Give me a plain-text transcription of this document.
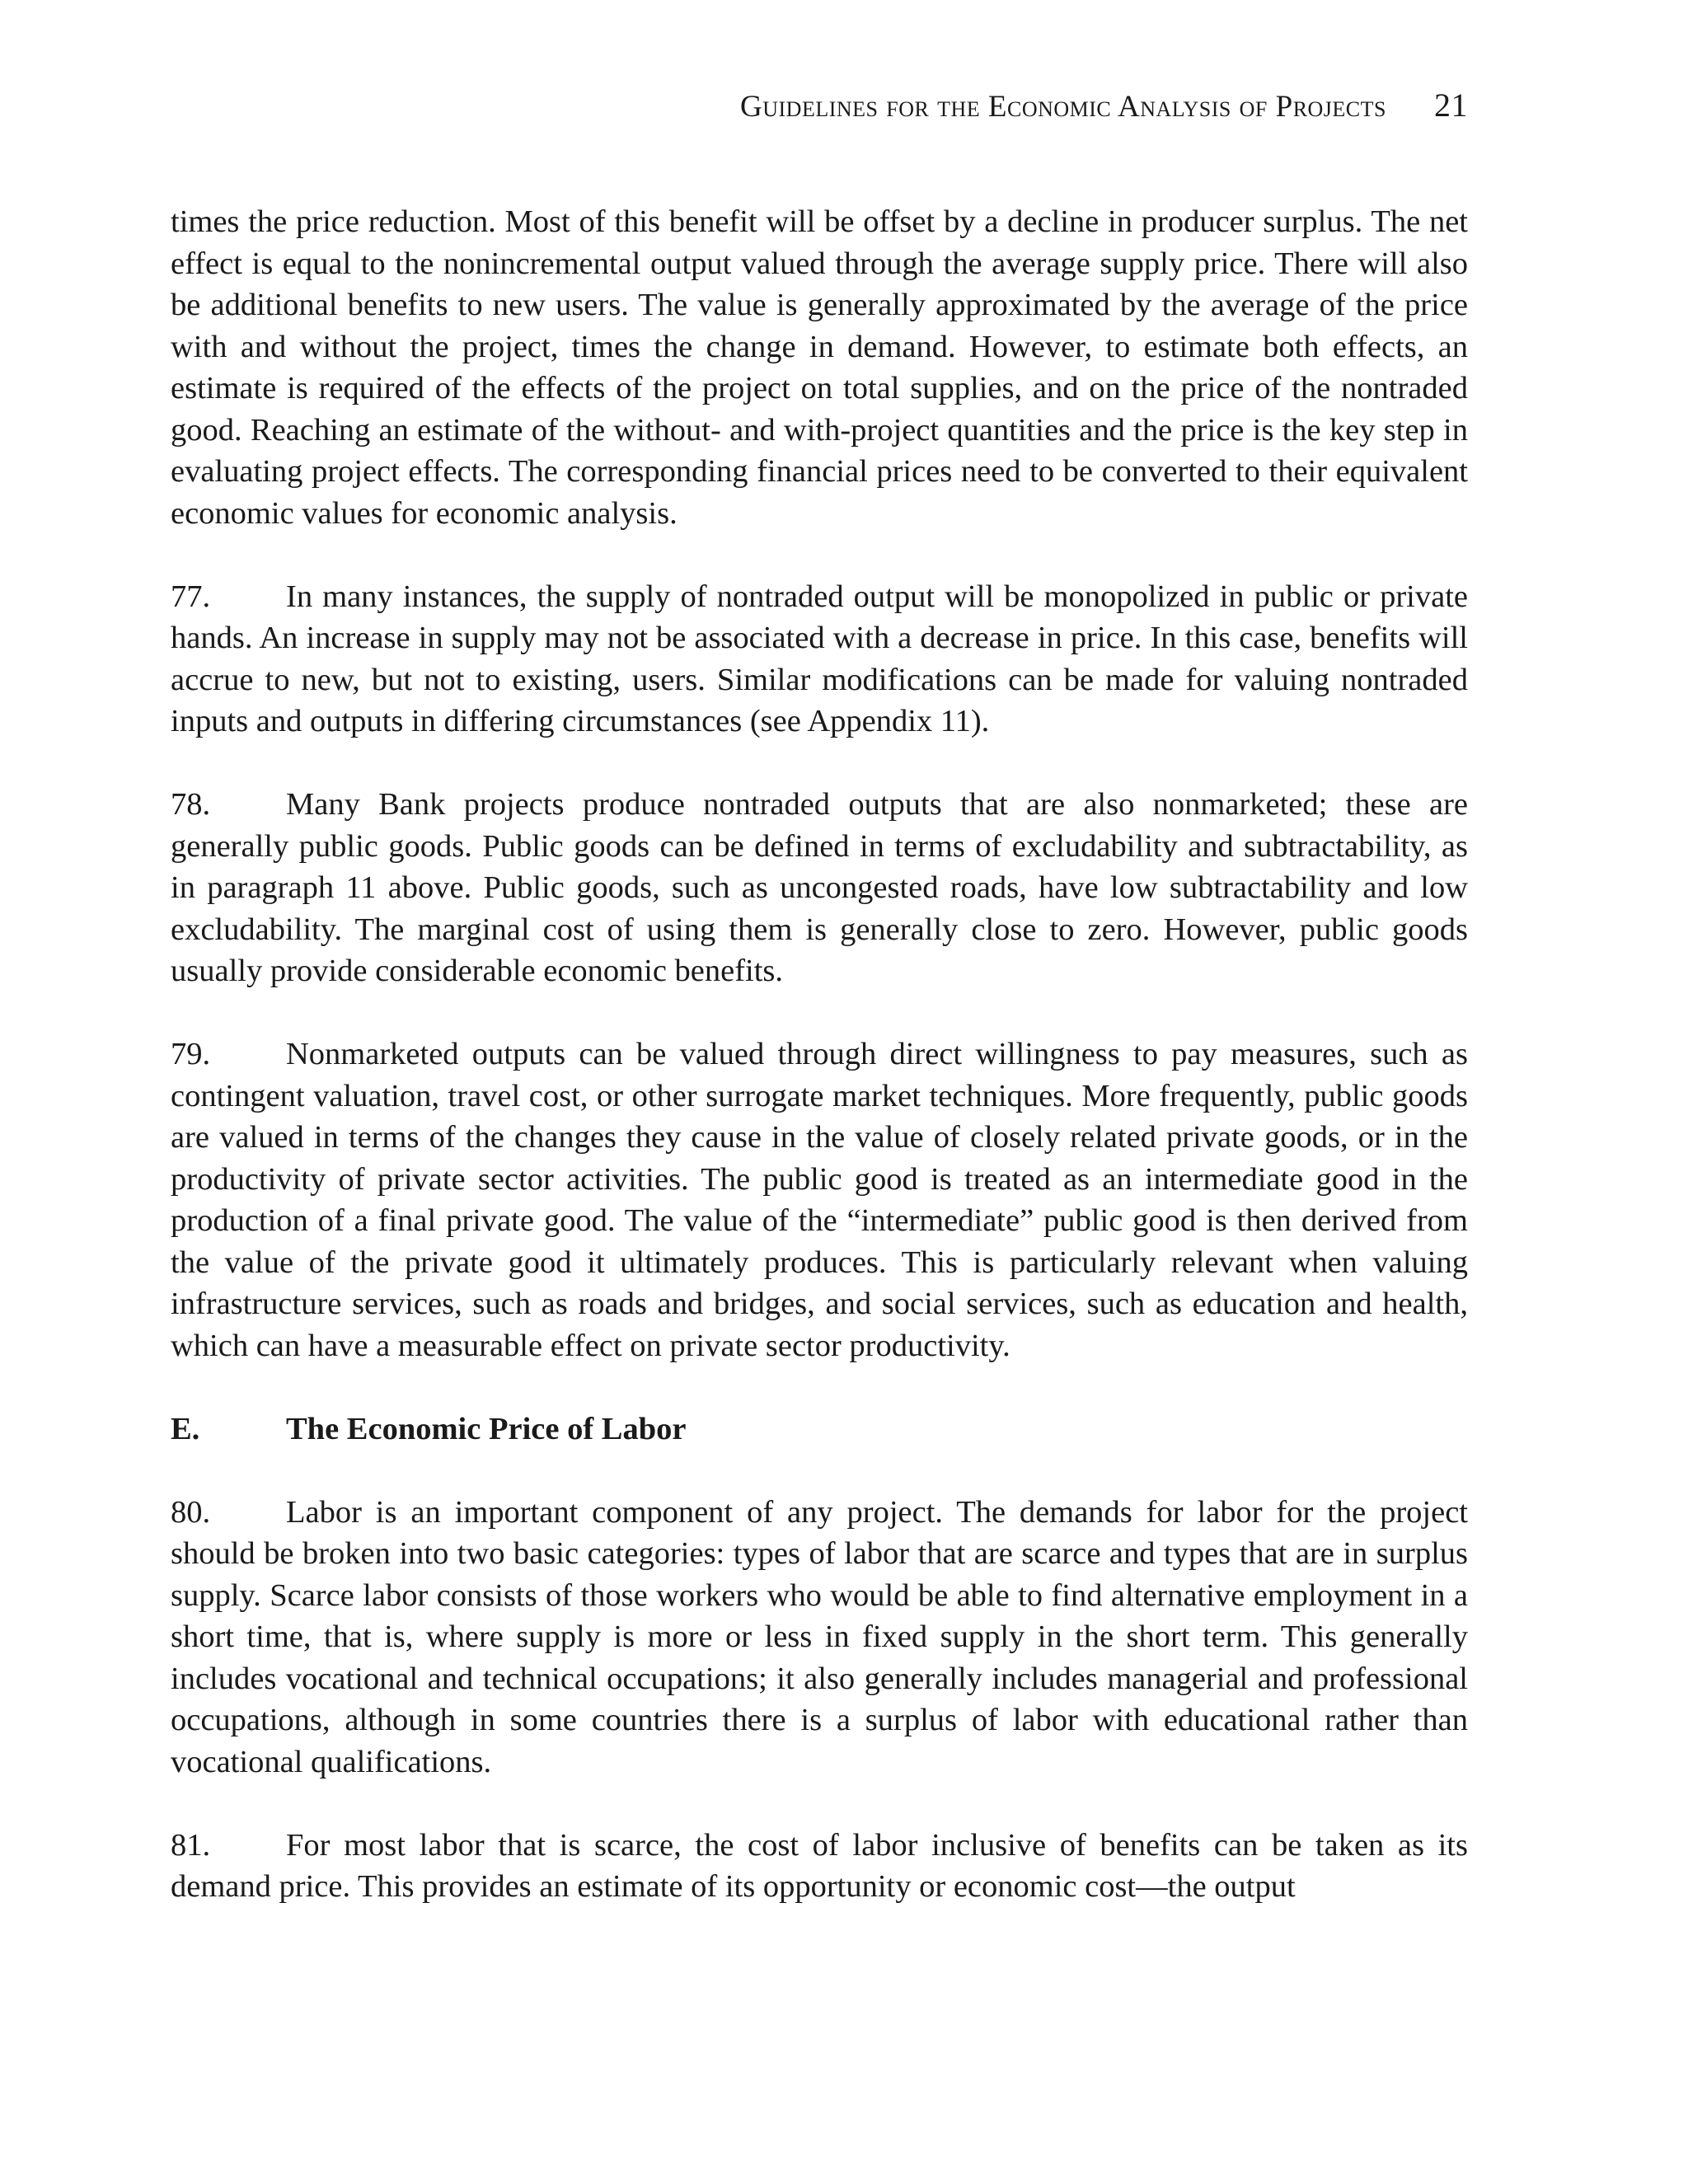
Guidelines for the Economic Analysis of Projects 21

times the price reduction. Most of this benefit will be offset by a decline in producer surplus. The net effect is equal to the nonincremental output valued through the average supply price. There will also be additional benefits to new users. The value is generally approximated by the average of the price with and without the project, times the change in demand. However, to estimate both effects, an estimate is required of the effects of the project on total supplies, and on the price of the nontraded good. Reaching an estimate of the without- and with-project quantities and the price is the key step in evaluating project effects. The corresponding financial prices need to be converted to their equivalent economic values for economic analysis.

77. In many instances, the supply of nontraded output will be monopolized in public or private hands. An increase in supply may not be associated with a decrease in price. In this case, benefits will accrue to new, but not to existing, users. Similar modifications can be made for valuing nontraded inputs and outputs in differing circumstances (see Appendix 11).

78. Many Bank projects produce nontraded outputs that are also nonmarketed; these are generally public goods. Public goods can be defined in terms of excludability and subtractability, as in paragraph 11 above. Public goods, such as uncongested roads, have low subtractability and low excludability. The marginal cost of using them is generally close to zero. However, public goods usually provide considerable economic benefits.

79. Nonmarketed outputs can be valued through direct willingness to pay measures, such as contingent valuation, travel cost, or other surrogate market techniques. More frequently, public goods are valued in terms of the changes they cause in the value of closely related private goods, or in the productivity of private sector activities. The public good is treated as an intermediate good in the production of a final private good. The value of the “intermediate” public good is then derived from the value of the private good it ultimately produces. This is particularly relevant when valuing infrastructure services, such as roads and bridges, and social services, such as education and health, which can have a measurable effect on private sector productivity.

E.	The Economic Price of Labor

80. Labor is an important component of any project. The demands for labor for the project should be broken into two basic categories: types of labor that are scarce and types that are in surplus supply. Scarce labor consists of those workers who would be able to find alternative employment in a short time, that is, where supply is more or less in fixed supply in the short term. This generally includes vocational and technical occupations; it also generally includes managerial and professional occupations, although in some countries there is a surplus of labor with educational rather than vocational qualifications.

81. For most labor that is scarce, the cost of labor inclusive of benefits can be taken as its demand price. This provides an estimate of its opportunity or economic cost—the output
